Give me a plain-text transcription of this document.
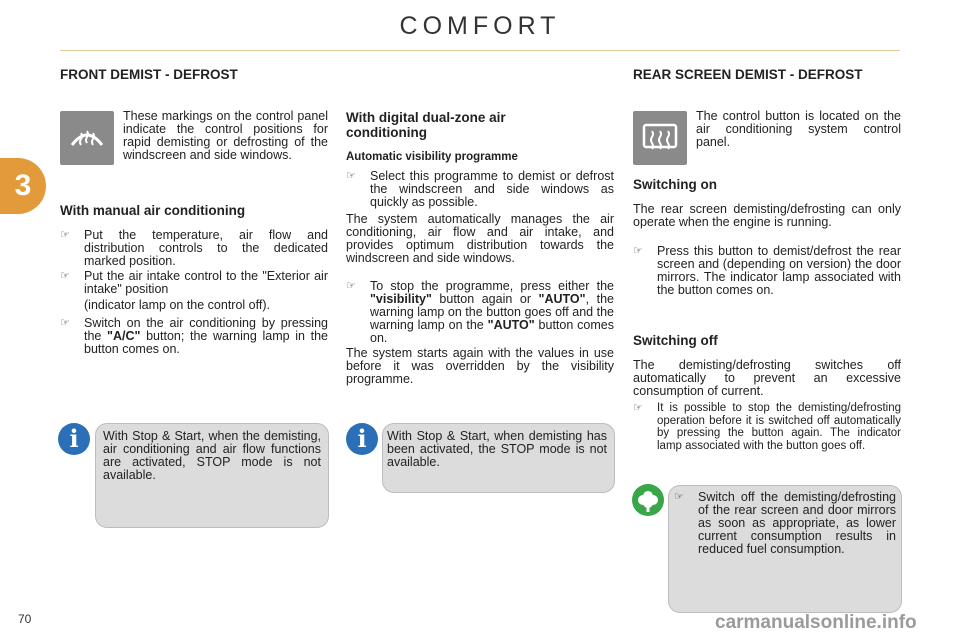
COMFORT
3
FRONT DEMIST - DEFROST
These markings on the control panel indicate the control positions for rapid demisting or defrosting of the windscreen and side windows.
With manual air conditioning
☞ Put the temperature, air flow and distribution controls to the dedicated marked position.
☞ Put the air intake control to the "Exterior air intake" position
(indicator lamp on the control off).
☞ Switch on the air conditioning by pressing the "A/C" button; the warning lamp in the button comes on.
i	With Stop & Start, when the demisting, air conditioning and air flow functions are activated, STOP mode is not available.
With digital dual-zone air conditioning
Automatic visibility programme
☞ Select this programme to demist or defrost the windscreen and side windows as quickly as possible.
The system automatically manages the air conditioning, air flow and air intake, and provides optimum distribution towards the windscreen and side windows.
☞ To stop the programme, press either the "visibility" button again or "AUTO", the warning lamp on the button goes off and the warning lamp on the "AUTO" button comes on.
The system starts again with the values in use before it was overridden by the visibility programme.
i	With Stop & Start, when demisting has been activated, the STOP mode is not available.
REAR SCREEN DEMIST - DEFROST
The control button is located on the air conditioning system control panel.
Switching on
The rear screen demisting/defrosting can only operate when the engine is running.
☞ Press this button to demist/defrost the rear screen and (depending on version) the door mirrors. The indicator lamp associated with the button comes on.
Switching off
The demisting/defrosting switches off automatically to prevent an excessive consumption of current.
☞ It is possible to stop the demisting/defrosting operation before it is switched off automatically by pressing the button again. The indicator lamp associated with the button goes off.
☞ Switch off the demisting/defrosting of the rear screen and door mirrors as soon as appropriate, as lower current consumption results in reduced fuel consumption.
70	carmanualsonline.info
